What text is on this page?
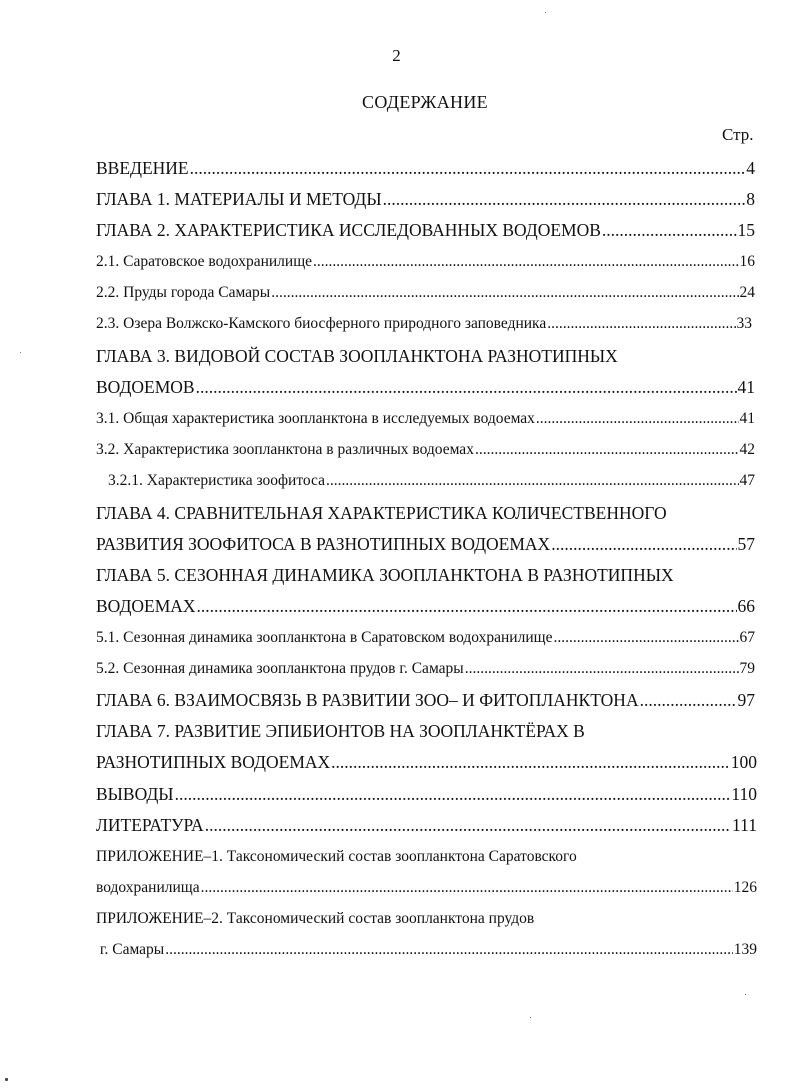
2
СОДЕРЖАНИЕ
Стр.
ВВЕДЕНИЕ .....	4
ГЛАВА 1. МАТЕРИАЛЫ И МЕТОДЫ .....	8
ГЛАВА 2. ХАРАКТЕРИСТИКА ИССЛЕДОВАННЫХ ВОДОЕМОВ .....	15
2.1. Саратовское водохранилище .....	16
2.2. Пруды города Самары .....	24
2.3. Озера Волжско-Камского биосферного природного заповедника .....	33
ГЛАВА 3. ВИДОВОЙ СОСТАВ ЗООПЛАНКТОНА РАЗНОТИПНЫХ
ВОДОЕМОВ .....	41
3.1. Общая характеристика зоопланктона в исследуемых водоемах .....	41
3.2. Характеристика зоопланктона в различных водоемах .....	42
3.2.1. Характеристика зоофитоса .....	47
ГЛАВА 4. СРАВНИТЕЛЬНАЯ ХАРАКТЕРИСТИКА КОЛИЧЕСТВЕННОГО
РАЗВИТИЯ ЗООФИТОСА В РАЗНОТИПНЫХ ВОДОЕМАХ .....	57
ГЛАВА 5. СЕЗОННАЯ ДИНАМИКА ЗООПЛАНКТОНА В РАЗНОТИПНЫХ
ВОДОЕМАХ .....	66
5.1. Сезонная динамика зоопланктона в Саратовском водохранилище .....	67
5.2. Сезонная динамика зоопланктона прудов г. Самары .....	79
ГЛАВА 6. ВЗАИМОСВЯЗЬ В РАЗВИТИИ ЗОО– И ФИТОПЛАНКТОНА .....	97
ГЛАВА 7. РАЗВИТИЕ ЭПИБИОНТОВ НА ЗООПЛАНКТЁРАХ В
РАЗНОТИПНЫХ ВОДОЕМАХ .....	100
ВЫВОДЫ .....	110
ЛИТЕРАТУРА .....	111
ПРИЛОЖЕНИЕ–1. Таксономический состав зоопланктона Саратовского
водохранилища .....	126
ПРИЛОЖЕНИЕ–2. Таксономический состав зоопланктона прудов
г. Самары .....	139
